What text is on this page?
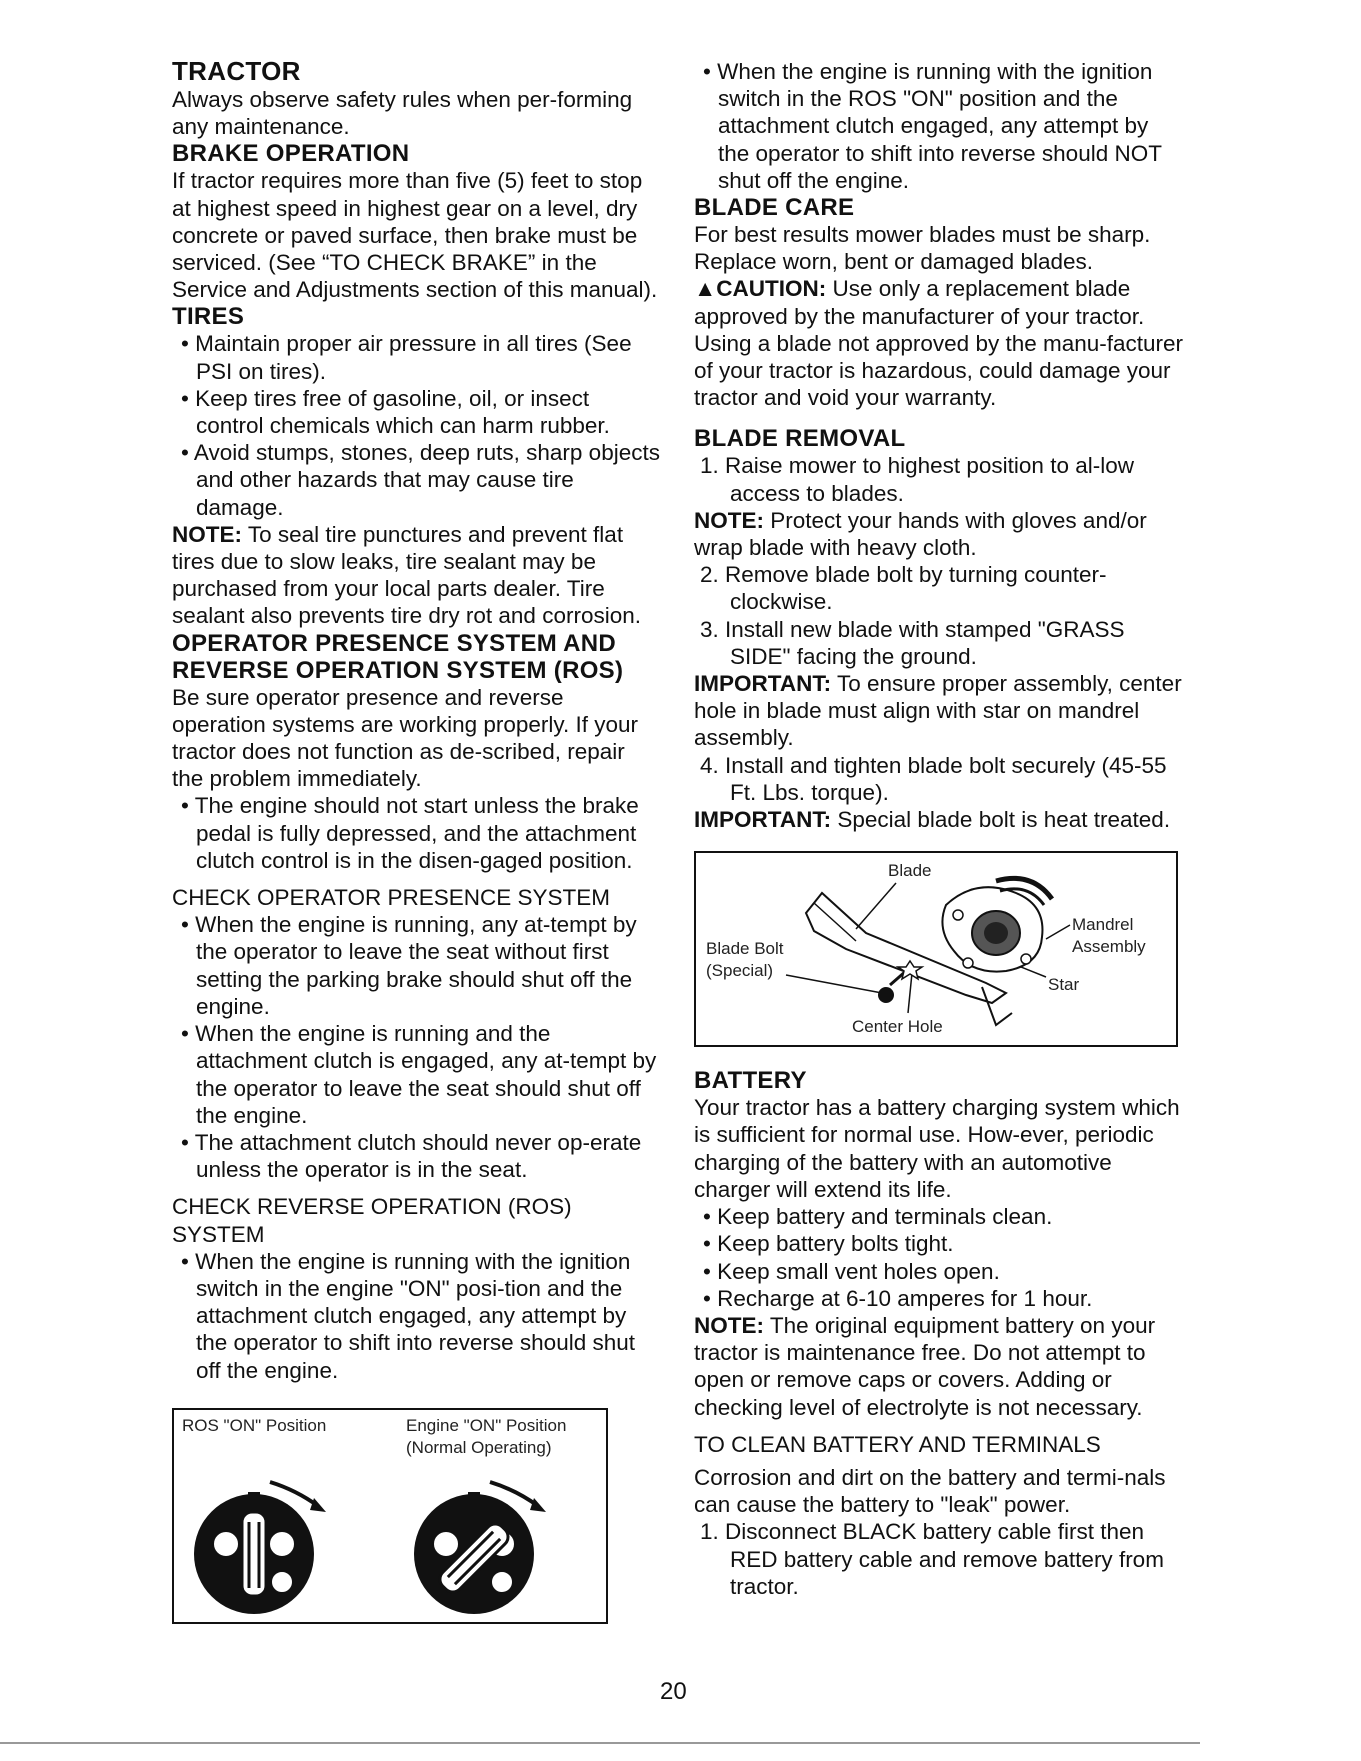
TRACTOR

Always observe safety rules when per-forming any maintenance.

BRAKE OPERATION

If tractor requires more than five (5) feet to stop at highest speed in highest gear on a level, dry concrete or paved surface, then brake must be serviced. (See “TO CHECK BRAKE” in the Service and Adjustments section of this manual).

TIRES

• Maintain proper air pressure in all tires (See PSI on tires).

• Keep tires free of gasoline, oil, or insect control chemicals which can harm rubber.

• Avoid stumps, stones, deep ruts, sharp objects and other hazards that may cause tire damage.

NOTE: To seal tire punctures and prevent flat tires due to slow leaks, tire sealant may be purchased from your local parts dealer. Tire sealant also prevents tire dry rot and corrosion.

OPERATOR PRESENCE SYSTEM AND

REVERSE OPERATION SYSTEM (ROS)

Be sure operator presence and reverse operation systems are working properly. If your tractor does not function as de-scribed, repair the problem immediately.

• The engine should not start unless the brake pedal is fully depressed, and the attachment clutch control is in the disen-gaged position.

CHECK OPERATOR PRESENCE SYSTEM

• When the engine is running, any at-tempt by the operator to leave the seat without first setting the parking brake should shut off the engine.

• When the engine is running and the attachment clutch is engaged, any at-tempt by the operator to leave the seat should shut off the engine.

• The attachment clutch should never op-erate unless the operator is in the seat.

CHECK REVERSE OPERATION (ROS) SYSTEM

• When the engine is running with the ignition switch in the engine "ON" posi-tion and the attachment clutch engaged, any attempt by the operator to shift into reverse should shut off the engine.

ROS "ON" Position	Engine "ON" Position
(Normal Operating)

• When the engine is running with the ignition switch in the ROS "ON" position and the attachment clutch engaged, any attempt by the operator to shift into reverse should NOT shut off the engine.

BLADE CARE

For best results mower blades must be sharp. Replace worn, bent or damaged blades.

▲CAUTION: Use only a replacement blade approved by the manufacturer of your tractor. Using a blade not approved by the manu-facturer of your tractor is hazardous, could damage your tractor and void your warranty.

BLADE REMOVAL

1. Raise mower to highest position to al-low access to blades.

NOTE: Protect your hands with gloves and/or wrap blade with heavy cloth.

2. Remove blade bolt by turning counter-clockwise.

3. Install new blade with stamped "GRASS SIDE" facing the ground.

IMPORTANT: To ensure proper assembly, center hole in blade must align with star on mandrel assembly.

4. Install and tighten blade bolt securely (45-55 Ft. Lbs. torque).

IMPORTANT: Special blade bolt is heat treated.

Blade
Blade Bolt
(Special)
Mandrel
Assembly
Star
Center Hole

BATTERY

Your tractor has a battery charging system which is sufficient for normal use. How-ever, periodic charging of the battery with an automotive charger will extend its life.

• Keep battery and terminals clean.

• Keep battery bolts tight.

• Keep small vent holes open.

• Recharge at 6-10 amperes for 1 hour.

NOTE: The original equipment battery on your tractor is maintenance free. Do not attempt to open or remove caps or covers. Adding or checking level of electrolyte is not necessary.

TO CLEAN BATTERY AND TERMINALS

Corrosion and dirt on the battery and termi-nals can cause the battery to "leak" power.

1. Disconnect BLACK battery cable first then RED battery cable and remove battery from tractor.

20
